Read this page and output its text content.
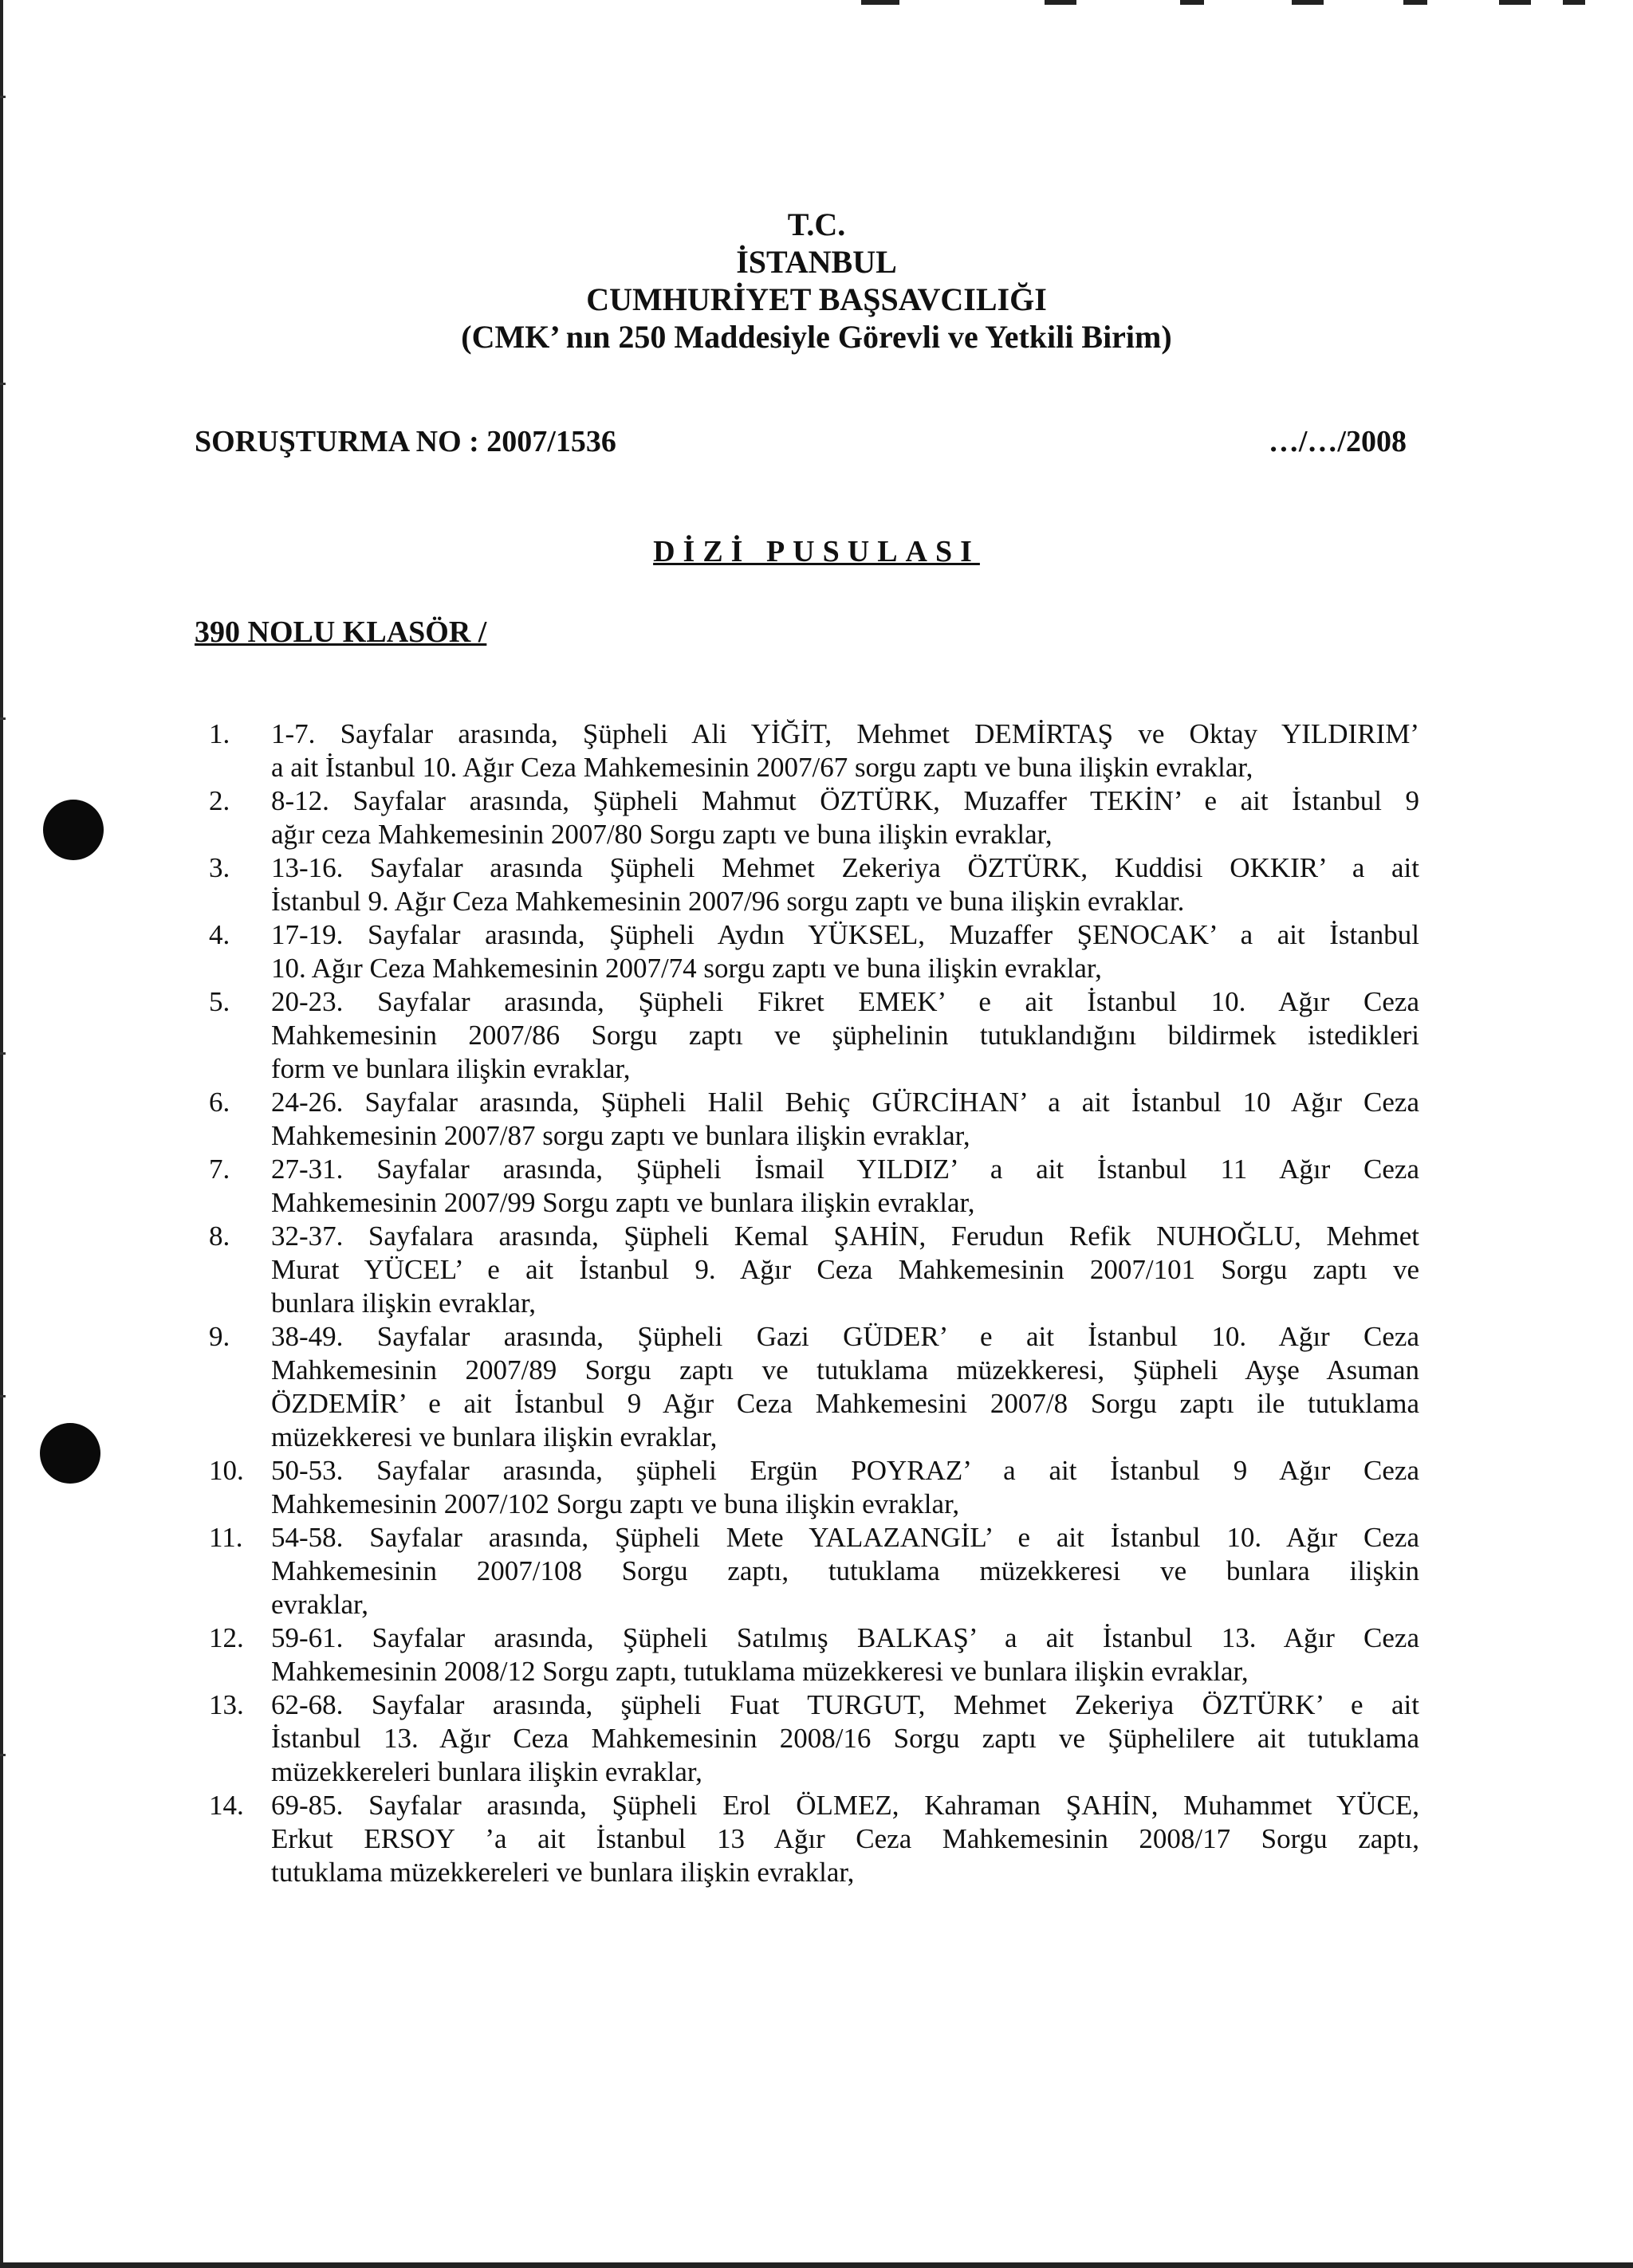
T.C.
İSTANBUL
CUMHURİYET BAŞSAVCILIĞI
(CMK’ nın 250 Maddesiyle Görevli ve Yetkili Birim)
SORUŞTURMA NO : 2007/1536	…/…/2008
DİZİ PUSULASI
390 NOLU KLASÖR /
1. 1-7. Sayfalar arasında, Şüpheli Ali YİĞİT, Mehmet DEMİRTAŞ ve Oktay YILDIRIM’
a ait İstanbul 10. Ağır Ceza Mahkemesinin 2007/67 sorgu zaptı ve buna ilişkin evraklar,
2. 8-12. Sayfalar arasında, Şüpheli Mahmut ÖZTÜRK, Muzaffer TEKİN’ e ait İstanbul 9
ağır ceza Mahkemesinin 2007/80 Sorgu zaptı ve buna ilişkin evraklar,
3. 13-16. Sayfalar arasında Şüpheli Mehmet Zekeriya ÖZTÜRK, Kuddisi OKKIR’ a ait
İstanbul 9. Ağır Ceza Mahkemesinin 2007/96 sorgu zaptı ve buna ilişkin evraklar.
4. 17-19. Sayfalar arasında, Şüpheli Aydın YÜKSEL, Muzaffer ŞENOCAK’ a ait İstanbul
10. Ağır Ceza Mahkemesinin 2007/74 sorgu zaptı ve buna ilişkin evraklar,
5. 20-23. Sayfalar arasında, Şüpheli Fikret EMEK’ e ait İstanbul 10. Ağır Ceza
Mahkemesinin 2007/86 Sorgu zaptı ve şüphelinin tutuklandığını bildirmek istedikleri
form ve bunlara ilişkin evraklar,
6. 24-26. Sayfalar arasında, Şüpheli Halil Behiç GÜRCİHAN’ a ait İstanbul 10 Ağır Ceza
Mahkemesinin 2007/87 sorgu zaptı ve bunlara ilişkin evraklar,
7. 27-31. Sayfalar arasında, Şüpheli İsmail YILDIZ’ a ait İstanbul 11 Ağır Ceza
Mahkemesinin 2007/99 Sorgu zaptı ve bunlara ilişkin evraklar,
8. 32-37. Sayfalara arasında, Şüpheli Kemal ŞAHİN, Ferudun Refik NUHOĞLU, Mehmet
Murat YÜCEL’ e ait İstanbul 9. Ağır Ceza Mahkemesinin 2007/101 Sorgu zaptı ve
bunlara ilişkin evraklar,
9. 38-49. Sayfalar arasında, Şüpheli Gazi GÜDER’ e ait İstanbul 10. Ağır Ceza
Mahkemesinin 2007/89 Sorgu zaptı ve tutuklama müzekkeresi, Şüpheli Ayşe Asuman
ÖZDEMİR’ e ait İstanbul 9 Ağır Ceza Mahkemesini 2007/8 Sorgu zaptı ile tutuklama
müzekkeresi ve bunlara ilişkin evraklar,
10. 50-53. Sayfalar arasında, şüpheli Ergün POYRAZ’ a ait İstanbul 9 Ağır Ceza
Mahkemesinin 2007/102 Sorgu zaptı ve buna ilişkin evraklar,
11. 54-58. Sayfalar arasında, Şüpheli Mete YALAZANGİL’ e ait İstanbul 10. Ağır Ceza
Mahkemesinin 2007/108 Sorgu zaptı, tutuklama müzekkeresi ve bunlara ilişkin
evraklar,
12. 59-61. Sayfalar arasında, Şüpheli Satılmış BALKAŞ’ a ait İstanbul 13. Ağır Ceza
Mahkemesinin 2008/12 Sorgu zaptı, tutuklama müzekkeresi ve bunlara ilişkin evraklar,
13. 62-68. Sayfalar arasında, şüpheli Fuat TURGUT, Mehmet Zekeriya ÖZTÜRK’ e ait
İstanbul 13. Ağır Ceza Mahkemesinin 2008/16 Sorgu zaptı ve Şüphelilere ait tutuklama
müzekkereleri bunlara ilişkin evraklar,
14. 69-85. Sayfalar arasında, Şüpheli Erol ÖLMEZ, Kahraman ŞAHİN, Muhammet YÜCE,
Erkut ERSOY ’a ait İstanbul 13 Ağır Ceza Mahkemesinin 2008/17 Sorgu zaptı,
tutuklama müzekkereleri ve bunlara ilişkin evraklar,
